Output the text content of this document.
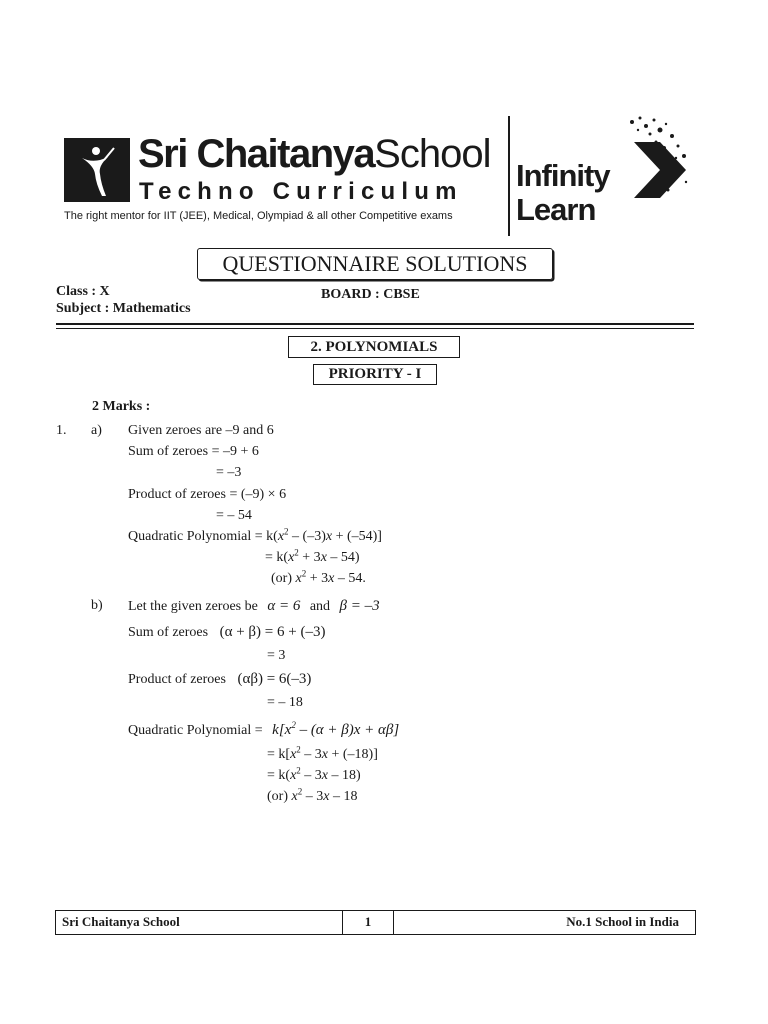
Sri ChaitanyaSchool
Techno Curriculum
The right mentor for IIT (JEE), Medical, Olympiad & all other Competitive exams
Infinity
Learn
QUESTIONNAIRE SOLUTIONS
Class : X
Subject : Mathematics
BOARD : CBSE
2. POLYNOMIALS
PRIORITY - I
2 Marks :
1. a) Given zeroes are –9 and 6
Sum of zeroes = –9 + 6
= –3
Product of zeroes = (–9) × 6
= – 54
Quadratic Polynomial = $k(x^2 - (-3)x + (-54)]$
= $k(x^2 + 3x - 54)$
(or) $x^2 + 3x - 54$.
b) Let the given zeroes be α = 6 and β = –3
Sum of zeroes (α + β) = 6 + (–3)
= 3
Product of zeroes (αβ) = 6(–3)
= – 18
Quadratic Polynomial = $k[x^2 - (\alpha + \beta)x + \alpha\beta]$
= $k[x^2 - 3x + (-18)]$
= $k(x^2 - 3x - 18)$
(or) $x^2 - 3x - 18$
Sri Chaitanya School	1	No.1 School in India
